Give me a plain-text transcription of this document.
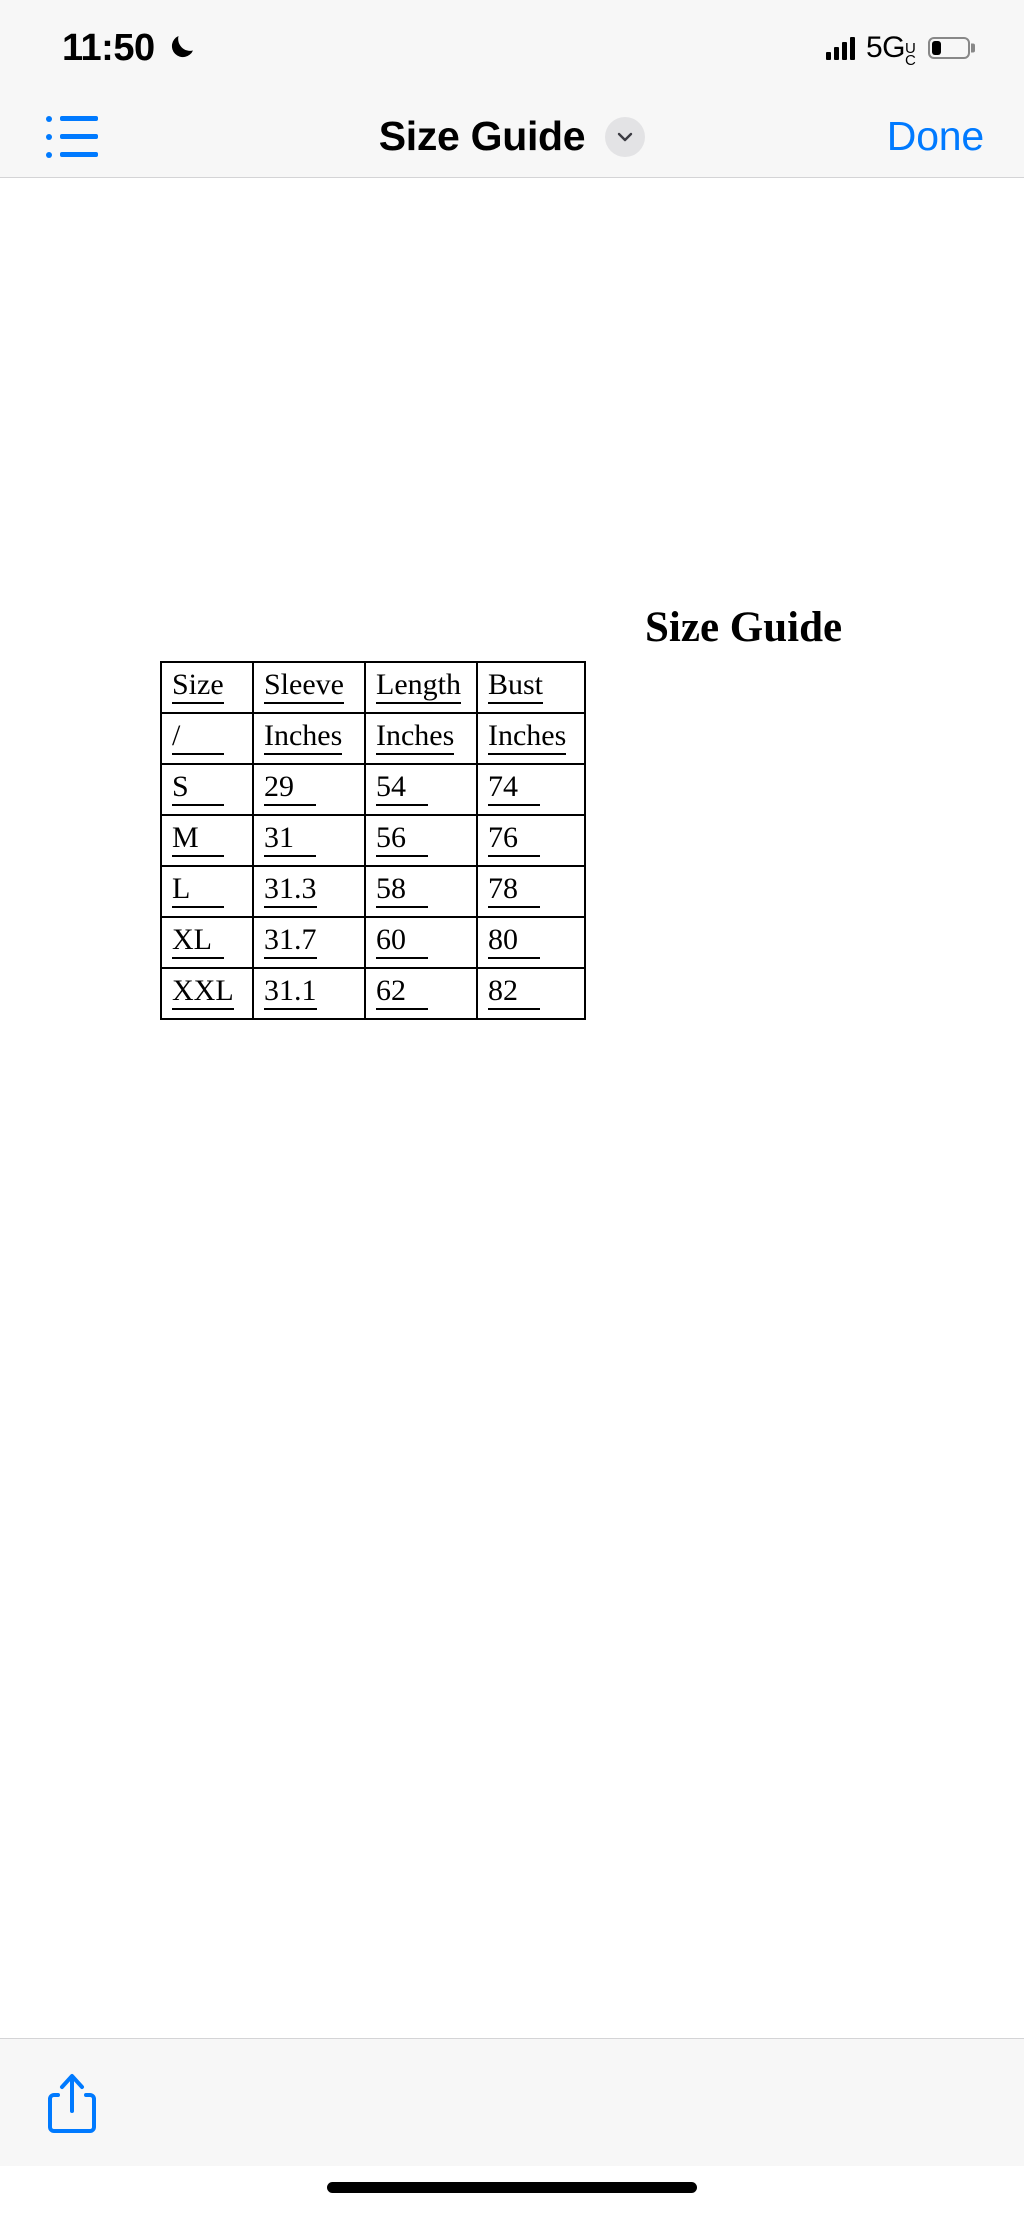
11:50	5G U
C
Size Guide	Done
Size Guide
Size	Sleeve	Length	Bust
/	Inches	Inches	Inches
S	29	54	74
M	31	56	76
L	31.3	58	78
XL	31.7	60	80
XXL	31.1	62	82
